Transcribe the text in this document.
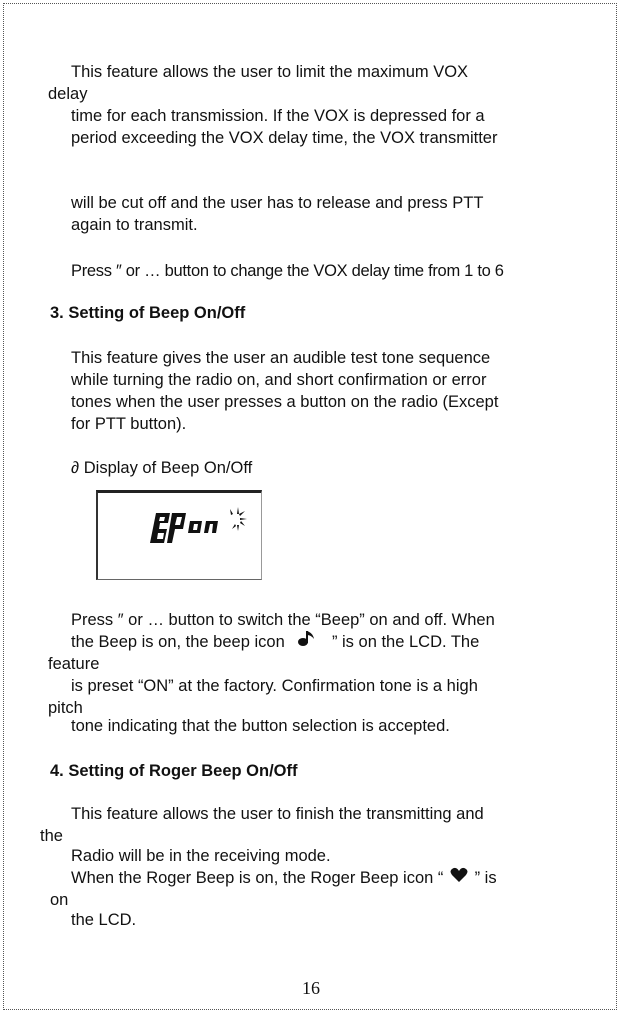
This feature allows the user to limit the maximum VOX
delay
time for each transmission. If the VOX is depressed for a
period exceeding the VOX delay time, the VOX transmitter
will be cut off and the user has to release and press PTT
again to transmit.
Press ″ or … button to change the VOX delay time from 1 to 6
3. Setting of Beep On/Off
This feature gives the user an audible test tone sequence
while turning the radio on, and short confirmation or error
tones when the user presses a button on the radio (Except
for PTT button).
∂ Display of Beep On/Off
Press ″ or … button to switch the “Beep” on and off. When
the Beep is on, the beep icon	” is on the LCD. The
feature
is preset “ON” at the factory. Confirmation tone is a high
pitch
tone indicating that the button selection is accepted.
4. Setting of Roger Beep On/Off
This feature allows the user to finish the transmitting and
the
Radio will be in the receiving mode.
When the Roger Beep is on, the Roger Beep icon “ ” is
on
the LCD.
16
